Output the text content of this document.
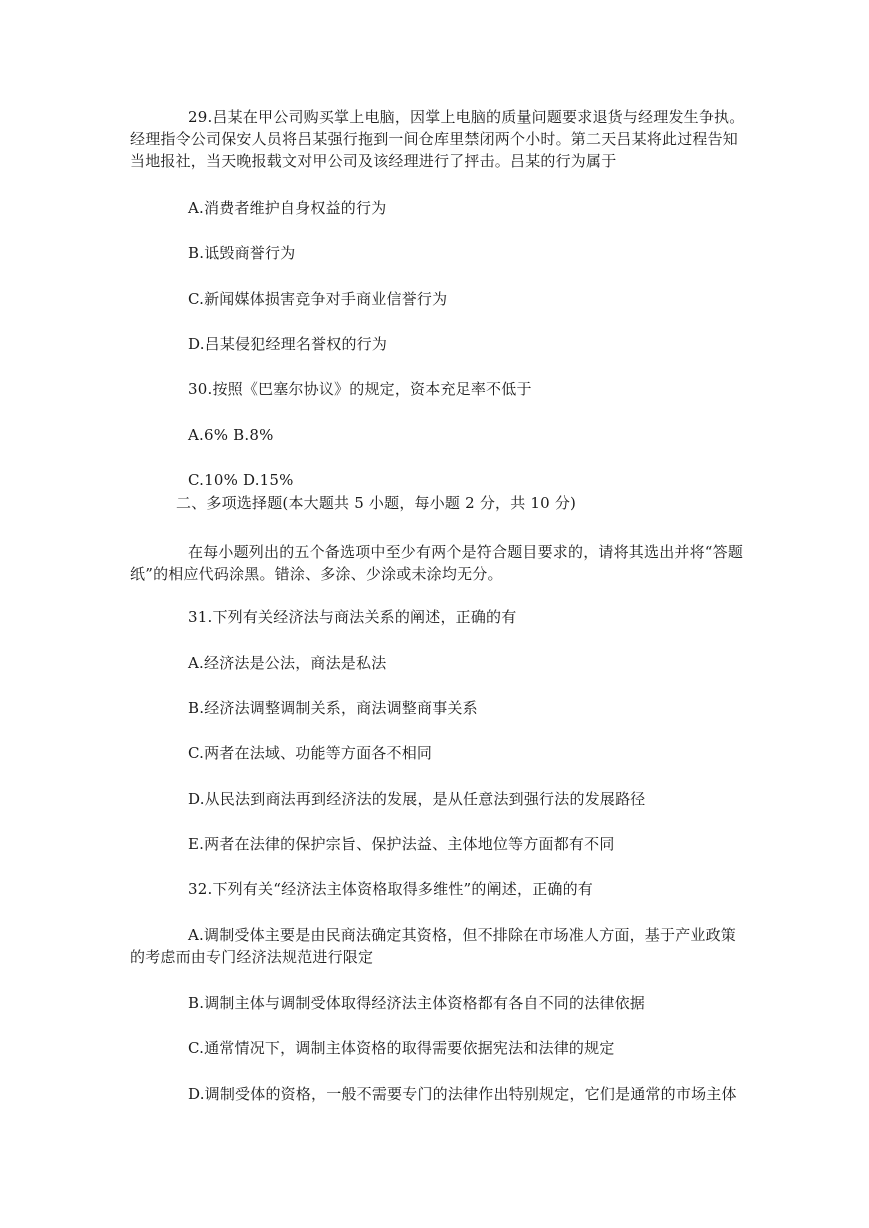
29.吕某在甲公司购买掌上电脑，因掌上电脑的质量问题要求退货与经理发生争执。经理指令公司保安人员将吕某强行拖到一间仓库里禁闭两个小时。第二天吕某将此过程告知当地报社，当天晚报载文对甲公司及该经理进行了抨击。吕某的行为属于
A.消费者维护自身权益的行为
B.诋毁商誉行为
C.新闻媒体损害竞争对手商业信誉行为
D.吕某侵犯经理名誉权的行为
30.按照《巴塞尔协议》的规定，资本充足率不低于
A.6% B.8%
C.10% D.15%
二、多项选择题(本大题共 5 小题，每小题 2 分，共 10 分)
在每小题列出的五个备选项中至少有两个是符合题目要求的，请将其选出并将“答题纸”的相应代码涂黑。错涂、多涂、少涂或未涂均无分。
31.下列有关经济法与商法关系的阐述，正确的有
A.经济法是公法，商法是私法
B.经济法调整调制关系，商法调整商事关系
C.两者在法域、功能等方面各不相同
D.从民法到商法再到经济法的发展，是从任意法到强行法的发展路径
E.两者在法律的保护宗旨、保护法益、主体地位等方面都有不同
32.下列有关“经济法主体资格取得多维性”的阐述，正确的有
A.调制受体主要是由民商法确定其资格，但不排除在市场准人方面，基于产业政策的考虑而由专门经济法规范进行限定
B.调制主体与调制受体取得经济法主体资格都有各自不同的法律依据
C.通常情况下，调制主体资格的取得需要依据宪法和法律的规定
D.调制受体的资格，一般不需要专门的法律作出特别规定，它们是通常的市场主体
